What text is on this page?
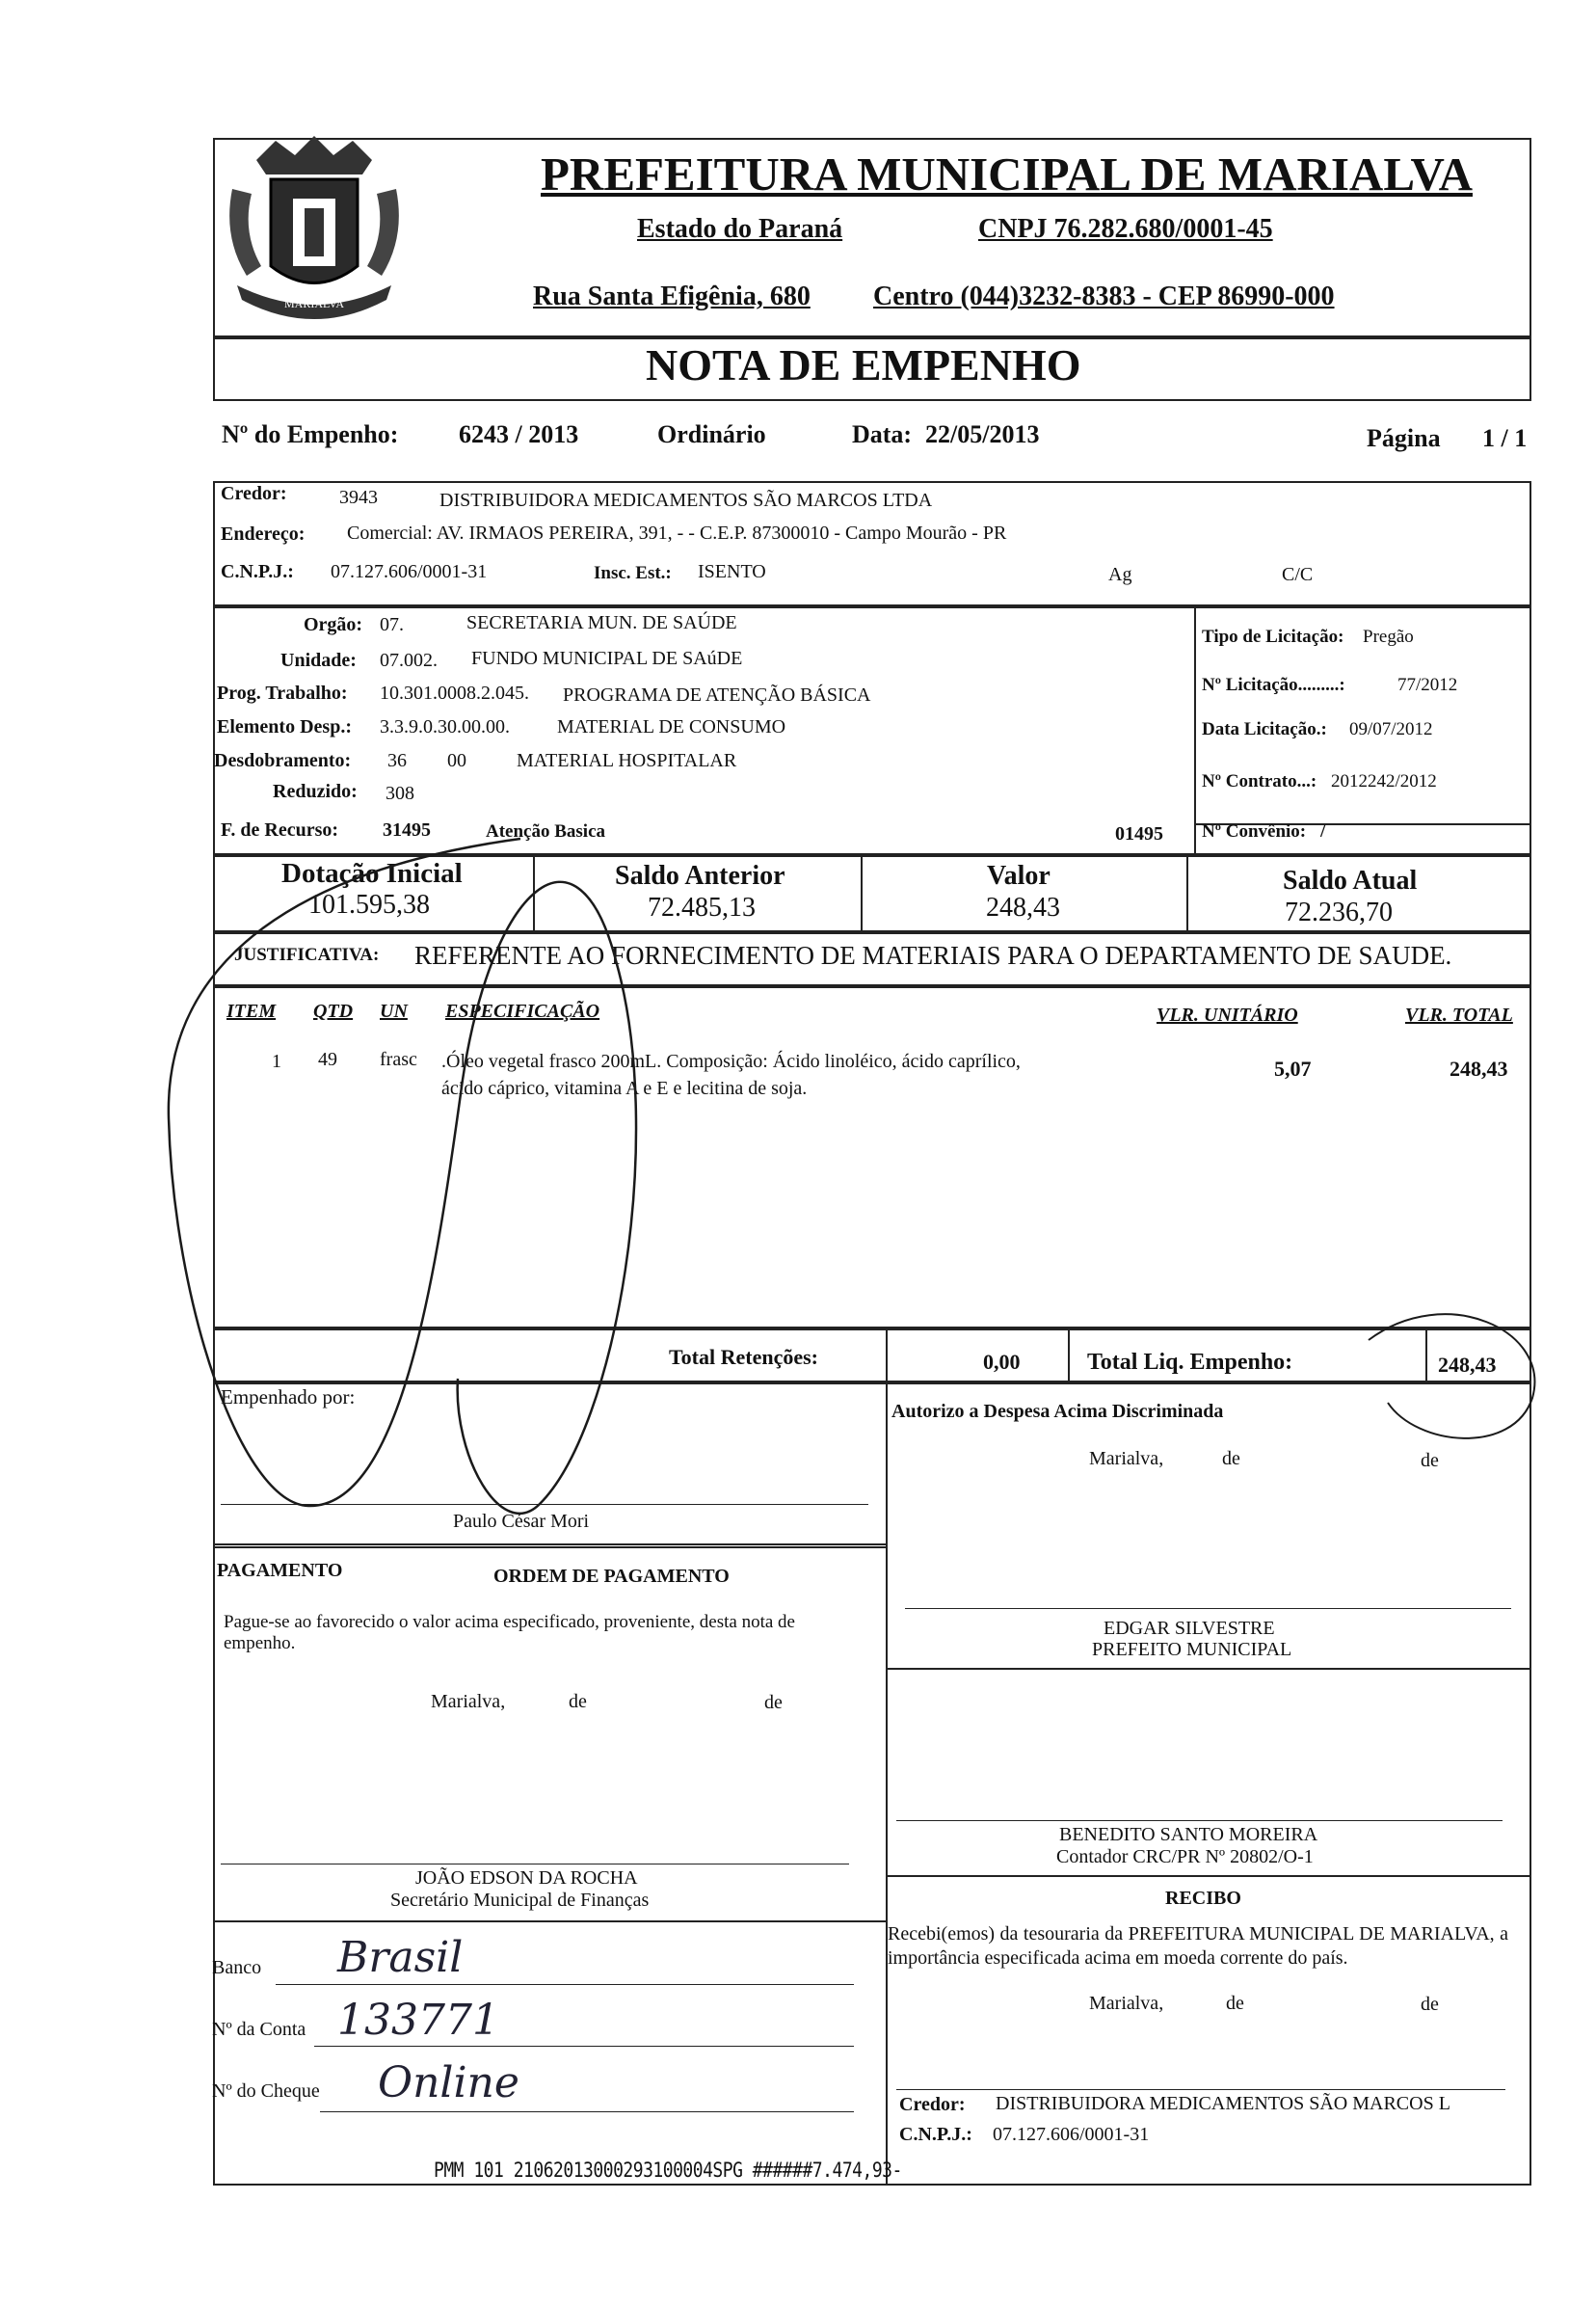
MARIALVA
PREFEITURA MUNICIPAL DE MARIALVA
Estado do Paraná	CNPJ 76.282.680/0001-45
Rua Santa Efigênia, 680 Centro (044)3232-8383 - CEP 86990-000
NOTA DE EMPENHO
Nº do Empenho: 6243 / 2013	Ordinário	Data: 22/05/2013	Página 1 / 1
Credor:	3943	DISTRIBUIDORA MEDICAMENTOS SÃO MARCOS LTDA
Endereço: Comercial: AV. IRMAOS PEREIRA, 391, - - C.E.P. 87300010 - Campo Mourão - PR
C.N.P.J.: 07.127.606/0001-31	Insc. Est.: ISENTO	Ag	C/C
Orgão: 07.	SECRETARIA MUN. DE SAÚDE
Unidade: 07.002. FUNDO MUNICIPAL DE SAúDE
Prog. Trabalho: 10.301.0008.2.045. PROGRAMA DE ATENÇÃO BÁSICA
Elemento Desp.: 3.3.9.0.30.00.00. MATERIAL DE CONSUMO
Desdobramento: 36 00	MATERIAL HOSPITALAR
Reduzido: 308
F. de Recurso: 31495	Atenção Basica	01495
Tipo de Licitação: Pregão
Nº Licitação.........:	77/2012
Data Licitação.: 09/07/2012
Nº Contrato...: 2012242/2012
Nº Convênio: /
Dotação Inicial
101.595,38
Saldo Anterior
72.485,13
Valor
248,43
Saldo Atual
72.236,70
JUSTIFICATIVA: REFERENTE AO FORNECIMENTO DE MATERIAIS PARA O DEPARTAMENTO DE SAUDE.
ITEM QTD UN ESPECIFICAÇÃO	VLR. UNITÁRIO	VLR. TOTAL
1 49 frasc .Óleo vegetal frasco 200mL. Composição: Ácido linoléico, ácido caprílico,
ácido cáprico, vitamina A e E e lecitina de soja.
5,07	248,43
Total Retenções:	0,00	Total Liq. Empenho:	248,43
Empenhado por:
Paulo César Mori
Autorizo a Despesa Acima Discriminada
Marialva,	de	de
PAGAMENTO	ORDEM DE PAGAMENTO
Pague-se ao favorecido o valor acima especificado, proveniente, desta nota de empenho.
Marialva,	de	de
JOÃO EDSON DA ROCHA
Secretário Municipal de Finanças
Banco Brasil
Nº da Conta 133771
Nº do Cheque Online
EDGAR SILVESTRE
PREFEITO MUNICIPAL
BENEDITO SANTO MOREIRA
Contador CRC/PR Nº 20802/O-1
RECIBO
Recebi(emos) da tesouraria da PREFEITURA MUNICIPAL DE MARIALVA, a importância especificada acima em moeda corrente do país.
Marialva,	de	de
Credor: DISTRIBUIDORA MEDICAMENTOS SÃO MARCOS L
C.N.P.J.: 07.127.606/0001-31
PMM 101 21062013000293100004SPG ######7.474,93-
